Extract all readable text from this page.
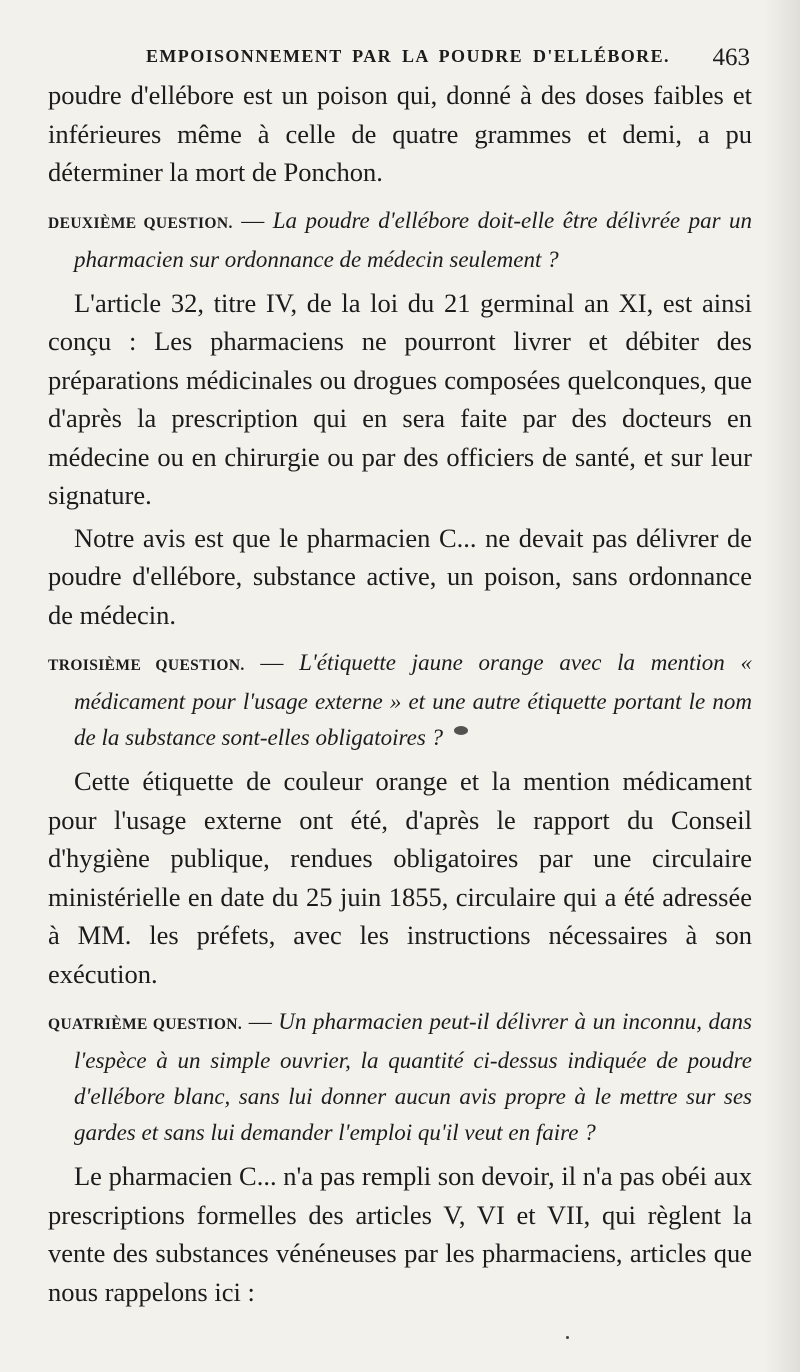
EMPOISONNEMENT PAR LA POUDRE D'ELLÉBORE. 463

poudre d'ellébore est un poison qui, donné à des doses faibles et inférieures même à celle de quatre grammes et demi, a pu déterminer la mort de Ponchon.

DEUXIÈME QUESTION. — La poudre d'ellébore doit-elle être délivrée par un pharmacien sur ordonnance de médecin seulement ?

L'article 32, titre IV, de la loi du 21 germinal an XI, est ainsi conçu : Les pharmaciens ne pourront livrer et débiter des préparations médicinales ou drogues composées quelconques, que d'après la prescription qui en sera faite par des docteurs en médecine ou en chirurgie ou par des officiers de santé, et sur leur signature.

Notre avis est que le pharmacien C... ne devait pas délivrer de poudre d'ellébore, substance active, un poison, sans ordonnance de médecin.

TROISIÈME QUESTION. — L'étiquette jaune orange avec la mention « médicament pour l'usage externe » et une autre étiquette portant le nom de la substance sont-elles obligatoires ?

Cette étiquette de couleur orange et la mention médicament pour l'usage externe ont été, d'après le rapport du Conseil d'hygiène publique, rendues obligatoires par une circulaire ministérielle en date du 25 juin 1855, circulaire qui a été adressée à MM. les préfets, avec les instructions nécessaires à son exécution.

QUATRIÈME QUESTION. — Un pharmacien peut-il délivrer à un inconnu, dans l'espèce à un simple ouvrier, la quantité ci-dessus indiquée de poudre d'ellébore blanc, sans lui donner aucun avis propre à le mettre sur ses gardes et sans lui demander l'emploi qu'il veut en faire ?

Le pharmacien C... n'a pas rempli son devoir, il n'a pas obéi aux prescriptions formelles des articles V, VI et VII, qui règlent la vente des substances vénéneuses par les pharmaciens, articles que nous rappelons ici :
